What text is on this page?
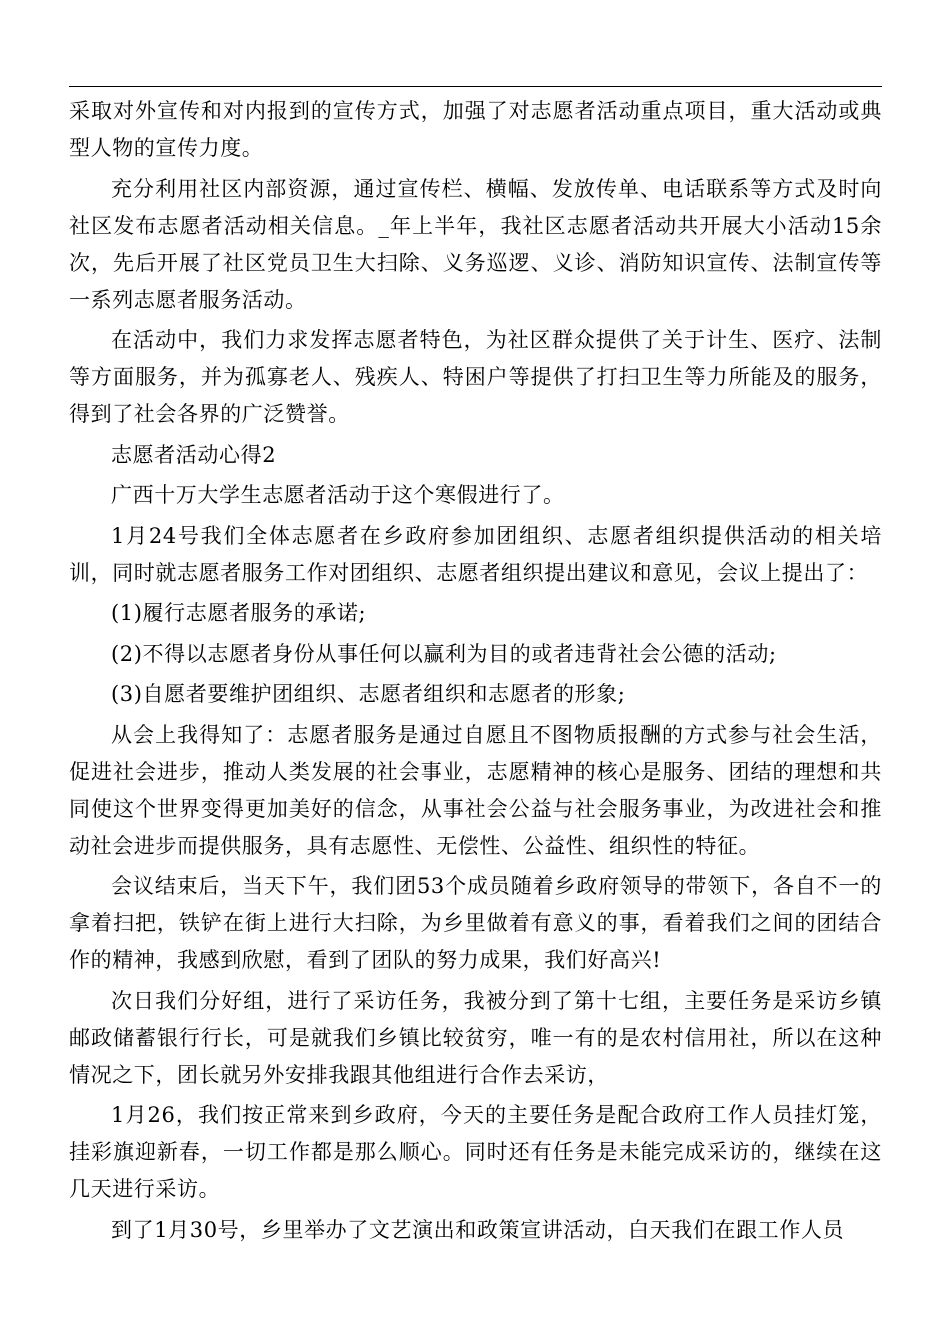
采取对外宣传和对内报到的宣传方式，加强了对志愿者活动重点项目，重大活动或典型人物的宣传力度。

充分利用社区内部资源，通过宣传栏、横幅、发放传单、电话联系等方式及时向社区发布志愿者活动相关信息。_年上半年，我社区志愿者活动共开展大小活动15余次，先后开展了社区党员卫生大扫除、义务巡逻、义诊、消防知识宣传、法制宣传等一系列志愿者服务活动。

在活动中，我们力求发挥志愿者特色，为社区群众提供了关于计生、医疗、法制等方面服务，并为孤寡老人、残疾人、特困户等提供了打扫卫生等力所能及的服务，得到了社会各界的广泛赞誉。

志愿者活动心得2

广西十万大学生志愿者活动于这个寒假进行了。

1月24号我们全体志愿者在乡政府参加团组织、志愿者组织提供活动的相关培训，同时就志愿者服务工作对团组织、志愿者组织提出建议和意见，会议上提出了：

(1)履行志愿者服务的承诺;

(2)不得以志愿者身份从事任何以赢利为目的或者违背社会公德的活动;

(3)自愿者要维护团组织、志愿者组织和志愿者的形象;

从会上我得知了：志愿者服务是通过自愿且不图物质报酬的方式参与社会生活，促进社会进步，推动人类发展的社会事业，志愿精神的核心是服务、团结的理想和共同使这个世界变得更加美好的信念，从事社会公益与社会服务事业，为改进社会和推动社会进步而提供服务，具有志愿性、无偿性、公益性、组织性的特征。

会议结束后，当天下午，我们团53个成员随着乡政府领导的带领下，各自不一的拿着扫把，铁铲在街上进行大扫除，为乡里做着有意义的事，看着我们之间的团结合作的精神，我感到欣慰，看到了团队的努力成果，我们好高兴!

次日我们分好组，进行了采访任务，我被分到了第十七组，主要任务是采访乡镇邮政储蓄银行行长，可是就我们乡镇比较贫穷，唯一有的是农村信用社，所以在这种情况之下，团长就另外安排我跟其他组进行合作去采访，

1月26，我们按正常来到乡政府，今天的主要任务是配合政府工作人员挂灯笼，挂彩旗迎新春，一切工作都是那么顺心。同时还有任务是未能完成采访的，继续在这几天进行采访。

到了1月30号，乡里举办了文艺演出和政策宣讲活动，白天我们在跟工作人员
